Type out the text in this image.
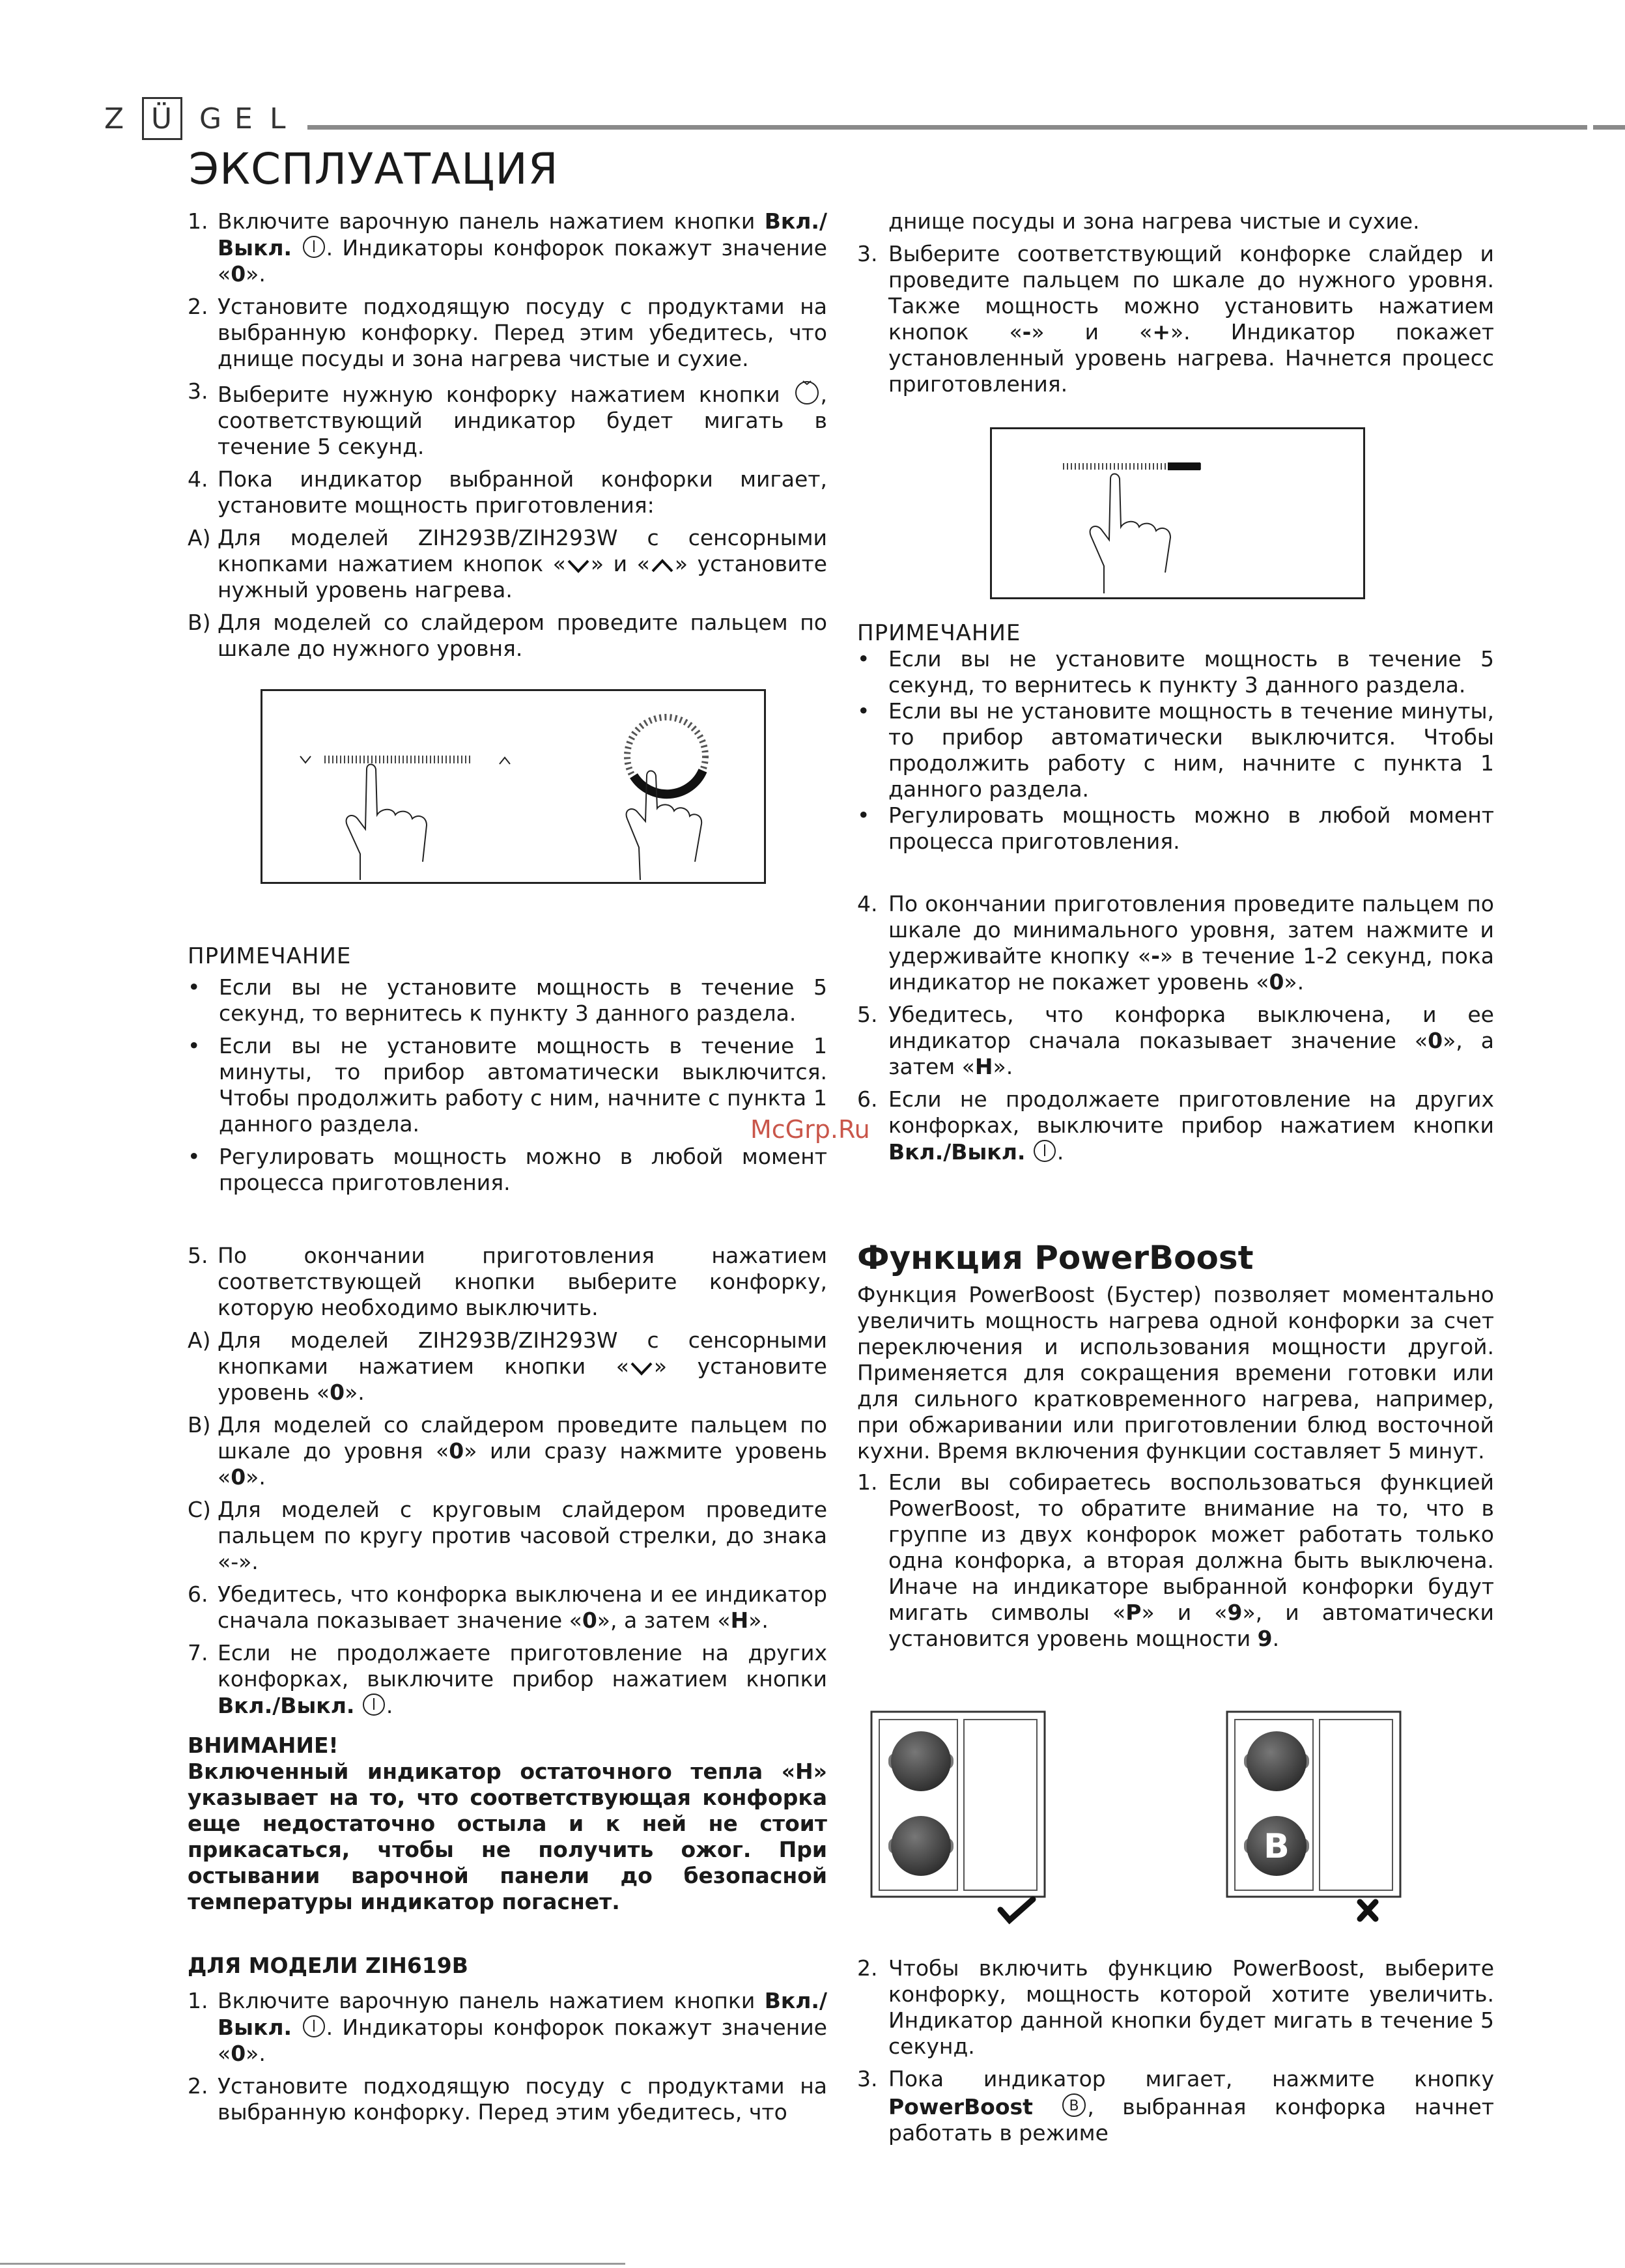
Z Ü G E L
ЭКСПЛУАТАЦИЯ
1. Включите варочную панель нажатием кнопки Вкл./ Выкл. . Индикаторы конфорок покажут значение «0».
2. Установите подходящую посуду с продуктами на выбранную конфорку. Перед этим убедитесь, что днище посуды и зона нагрева чистые и сухие.
3. Выберите нужную конфорку нажатием кнопки , соответствующий индикатор будет мигать в течение 5 секунд.
4. Пока индикатор выбранной конфорки мигает, установите мощность приготовления:
A) Для моделей ZIH293B/ZIH293W с сенсорными кнопками нажатием кнопок « » и « » установите нужный уровень нагрева.
B) Для моделей со слайдером проведите пальцем по шкале до нужного уровня.
ПРИМЕЧАНИЕ
• Если вы не установите мощность в течение 5 секунд, то вернитесь к пункту 3 данного раздела.
• Если вы не установите мощность в течение 1 минуты, то прибор автоматически выключится. Чтобы продолжить работу с ним, начните с пункта 1 данного раздела.
• Регулировать мощность можно в любой момент процесса приготовления.
5. По окончании приготовления нажатием соответствующей кнопки выберите конфорку, которую необходимо выключить.
A) Для моделей ZIH293B/ZIH293W с сенсорными кнопками нажатием кнопки « » установите уровень «0».
B) Для моделей со слайдером проведите пальцем по шкале до уровня «0» или сразу нажмите уровень «0».
C) Для моделей с круговым слайдером проведите пальцем по кругу против часовой стрелки, до знака «-».
6. Убедитесь, что конфорка выключена и ее индикатор сначала показывает значение «0», а затем «H».
7. Если не продолжаете приготовление на других конфорках, выключите прибор нажатием кнопки Вкл./Выкл. .
ВНИМАНИЕ!
Включенный индикатор остаточного тепла «H» указывает на то, что соответствующая конфорка еще недостаточно остыла и к ней не стоит прикасаться, чтобы не получить ожог. При остывании варочной панели до безопасной температуры индикатор погаснет.
ДЛЯ МОДЕЛИ ZIH619B
1. Включите варочную панель нажатием кнопки Вкл./ Выкл. . Индикаторы конфорок покажут значение «0».
2. Установите подходящую посуду с продуктами на выбранную конфорку. Перед этим убедитесь, что
McGrp.Ru
днище посуды и зона нагрева чистые и сухие.
3. Выберите соответствующий конфорке слайдер и проведите пальцем по шкале до нужного уровня. Также мощность можно установить нажатием кнопок «-» и «+». Индикатор покажет установленный уровень нагрева. Начнется процесс приготовления.
ПРИМЕЧАНИЕ
• Если вы не установите мощность в течение 5 секунд, то вернитесь к пункту 3 данного раздела.
• Если вы не установите мощность в течение минуты, то прибор автоматически выключится. Чтобы продолжить работу с ним, начните с пункта 1 данного раздела.
• Регулировать мощность можно в любой момент процесса приготовления.
4. По окончании приготовления проведите пальцем по шкале до минимального уровня, затем нажмите и удерживайте кнопку «-» в течение 1-2 секунд, пока индикатор не покажет уровень «0».
5. Убедитесь, что конфорка выключена, и ее индикатор сначала показывает значение «0», а затем «H».
6. Если не продолжаете приготовление на других конфорках, выключите прибор нажатием кнопки Вкл./Выкл. .
Функция PowerBoost
Функция PowerBoost (Бустер) позволяет моментально увеличить мощность нагрева одной конфорки за счет переключения и использования мощности другой. Применяется для сокращения времени готовки или для сильного кратковременного нагрева, например, при обжаривании или приготовлении блюд восточной кухни. Время включения функции составляет 5 минут.
1. Если вы собираетесь воспользоваться функцией PowerBoost, то обратите внимание на то, что в группе из двух конфорок может работать только одна конфорка, а вторая должна быть выключена. Иначе на индикаторе выбранной конфорки будут мигать символы «P» и «9», и автоматически установится уровень мощности 9.
B
2. Чтобы включить функцию PowerBoost, выберите конфорку, мощность которой хотите увеличить. Индикатор данной кнопки будет мигать в течение 5 секунд.
3. Пока индикатор мигает, нажмите кнопку PowerBoost	B , выбранная конфорка начнет работать в режиме
